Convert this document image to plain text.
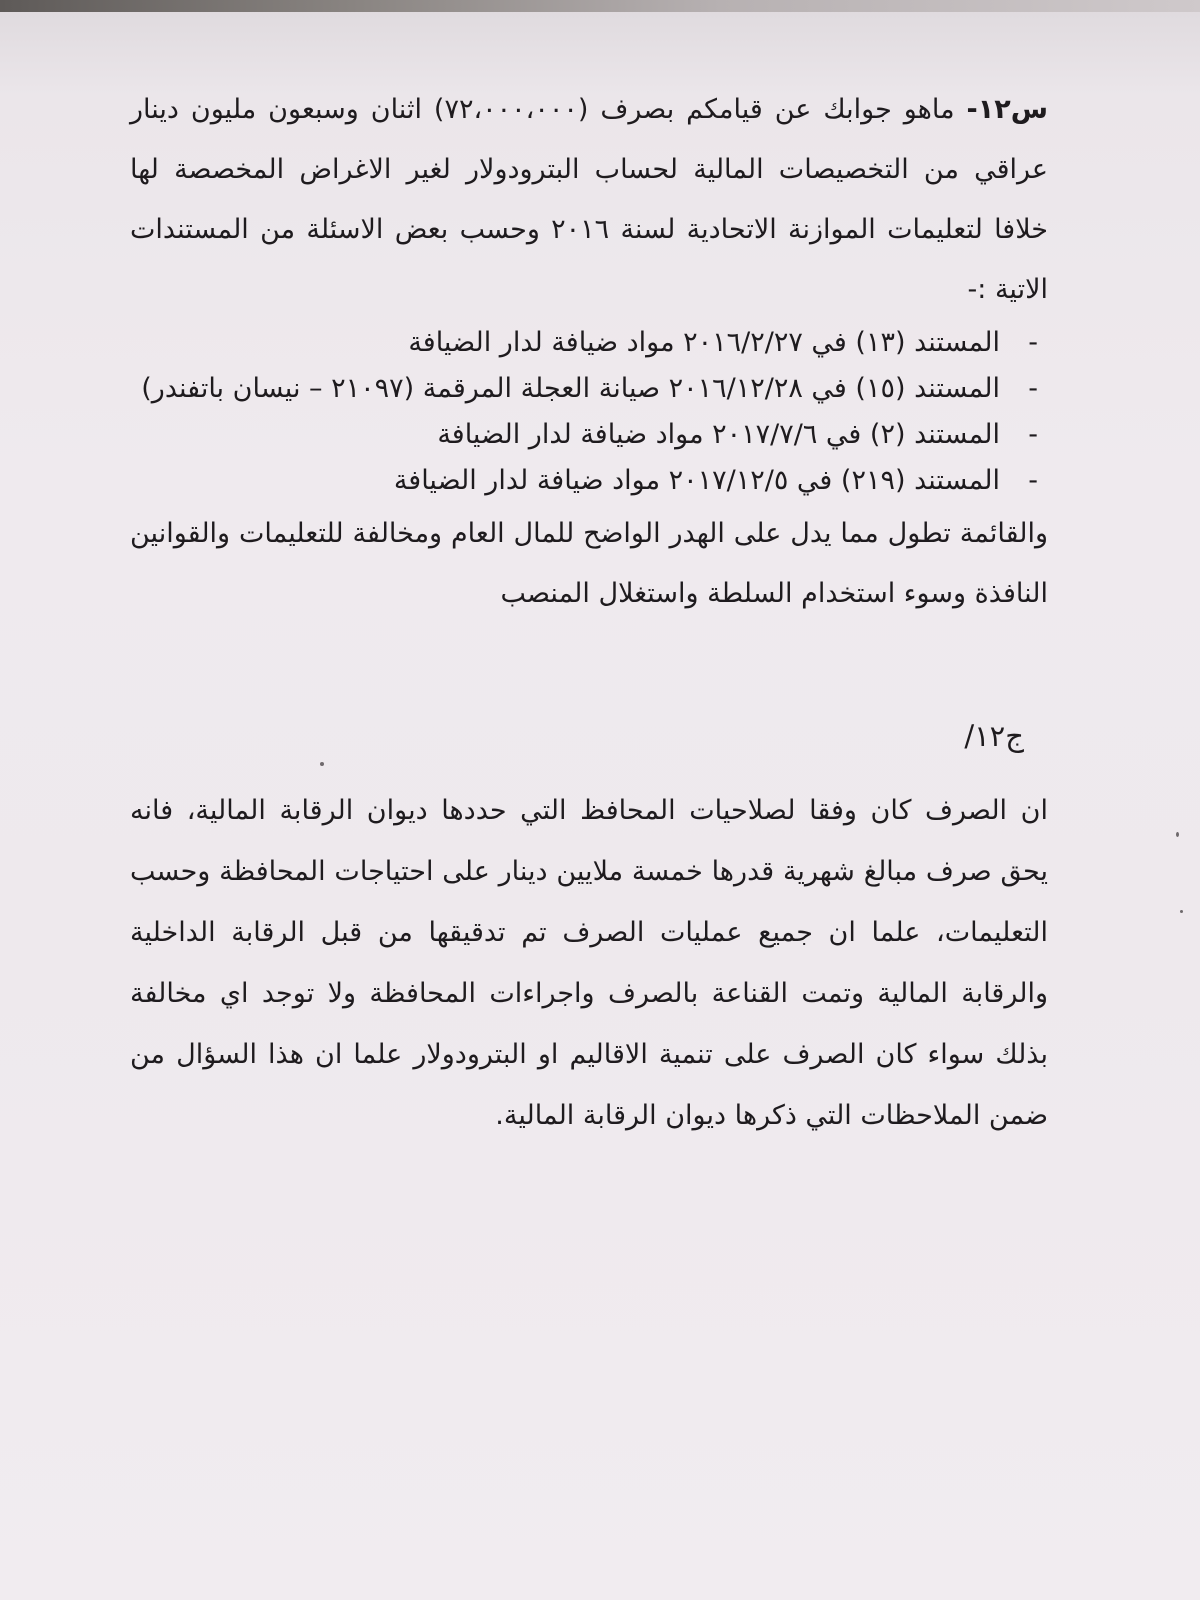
س١٢- ماهو جوابك عن قيامكم بصرف (٧٢،٠٠٠،٠٠٠) اثنان وسبعون مليون دينار عراقي من التخصيصات المالية لحساب البترودولار لغير الاغراض المخصصة لها خلافا لتعليمات الموازنة الاتحادية لسنة ٢٠١٦ وحسب بعض الاسئلة من المستندات الاتية :-

- المستند (١٣) في ٢٠١٦/٢/٢٧ مواد ضيافة لدار الضيافة
- المستند (١٥) في ٢٠١٦/١٢/٢٨ صيانة العجلة المرقمة (٢١٠٩٧ – نيسان باتفندر)
- المستند (٢) في ٢٠١٧/٧/٦ مواد ضيافة لدار الضيافة
- المستند (٢١٩) في ٢٠١٧/١٢/٥ مواد ضيافة لدار الضيافة

والقائمة تطول مما يدل على الهدر الواضح للمال العام ومخالفة للتعليمات والقوانين النافذة وسوء استخدام السلطة واستغلال المنصب

ج١٢/

ان الصرف كان وفقا لصلاحيات المحافظ التي حددها ديوان الرقابة المالية، فانه يحق صرف مبالغ شهرية قدرها خمسة ملايين دينار على احتياجات المحافظة وحسب التعليمات، علما ان جميع عمليات الصرف تم تدقيقها من قبل الرقابة الداخلية والرقابة المالية وتمت القناعة بالصرف واجراءات المحافظة ولا توجد اي مخالفة بذلك سواء كان الصرف على تنمية الاقاليم او البترودولار علما ان هذا السؤال من ضمن الملاحظات التي ذكرها ديوان الرقابة المالية.
